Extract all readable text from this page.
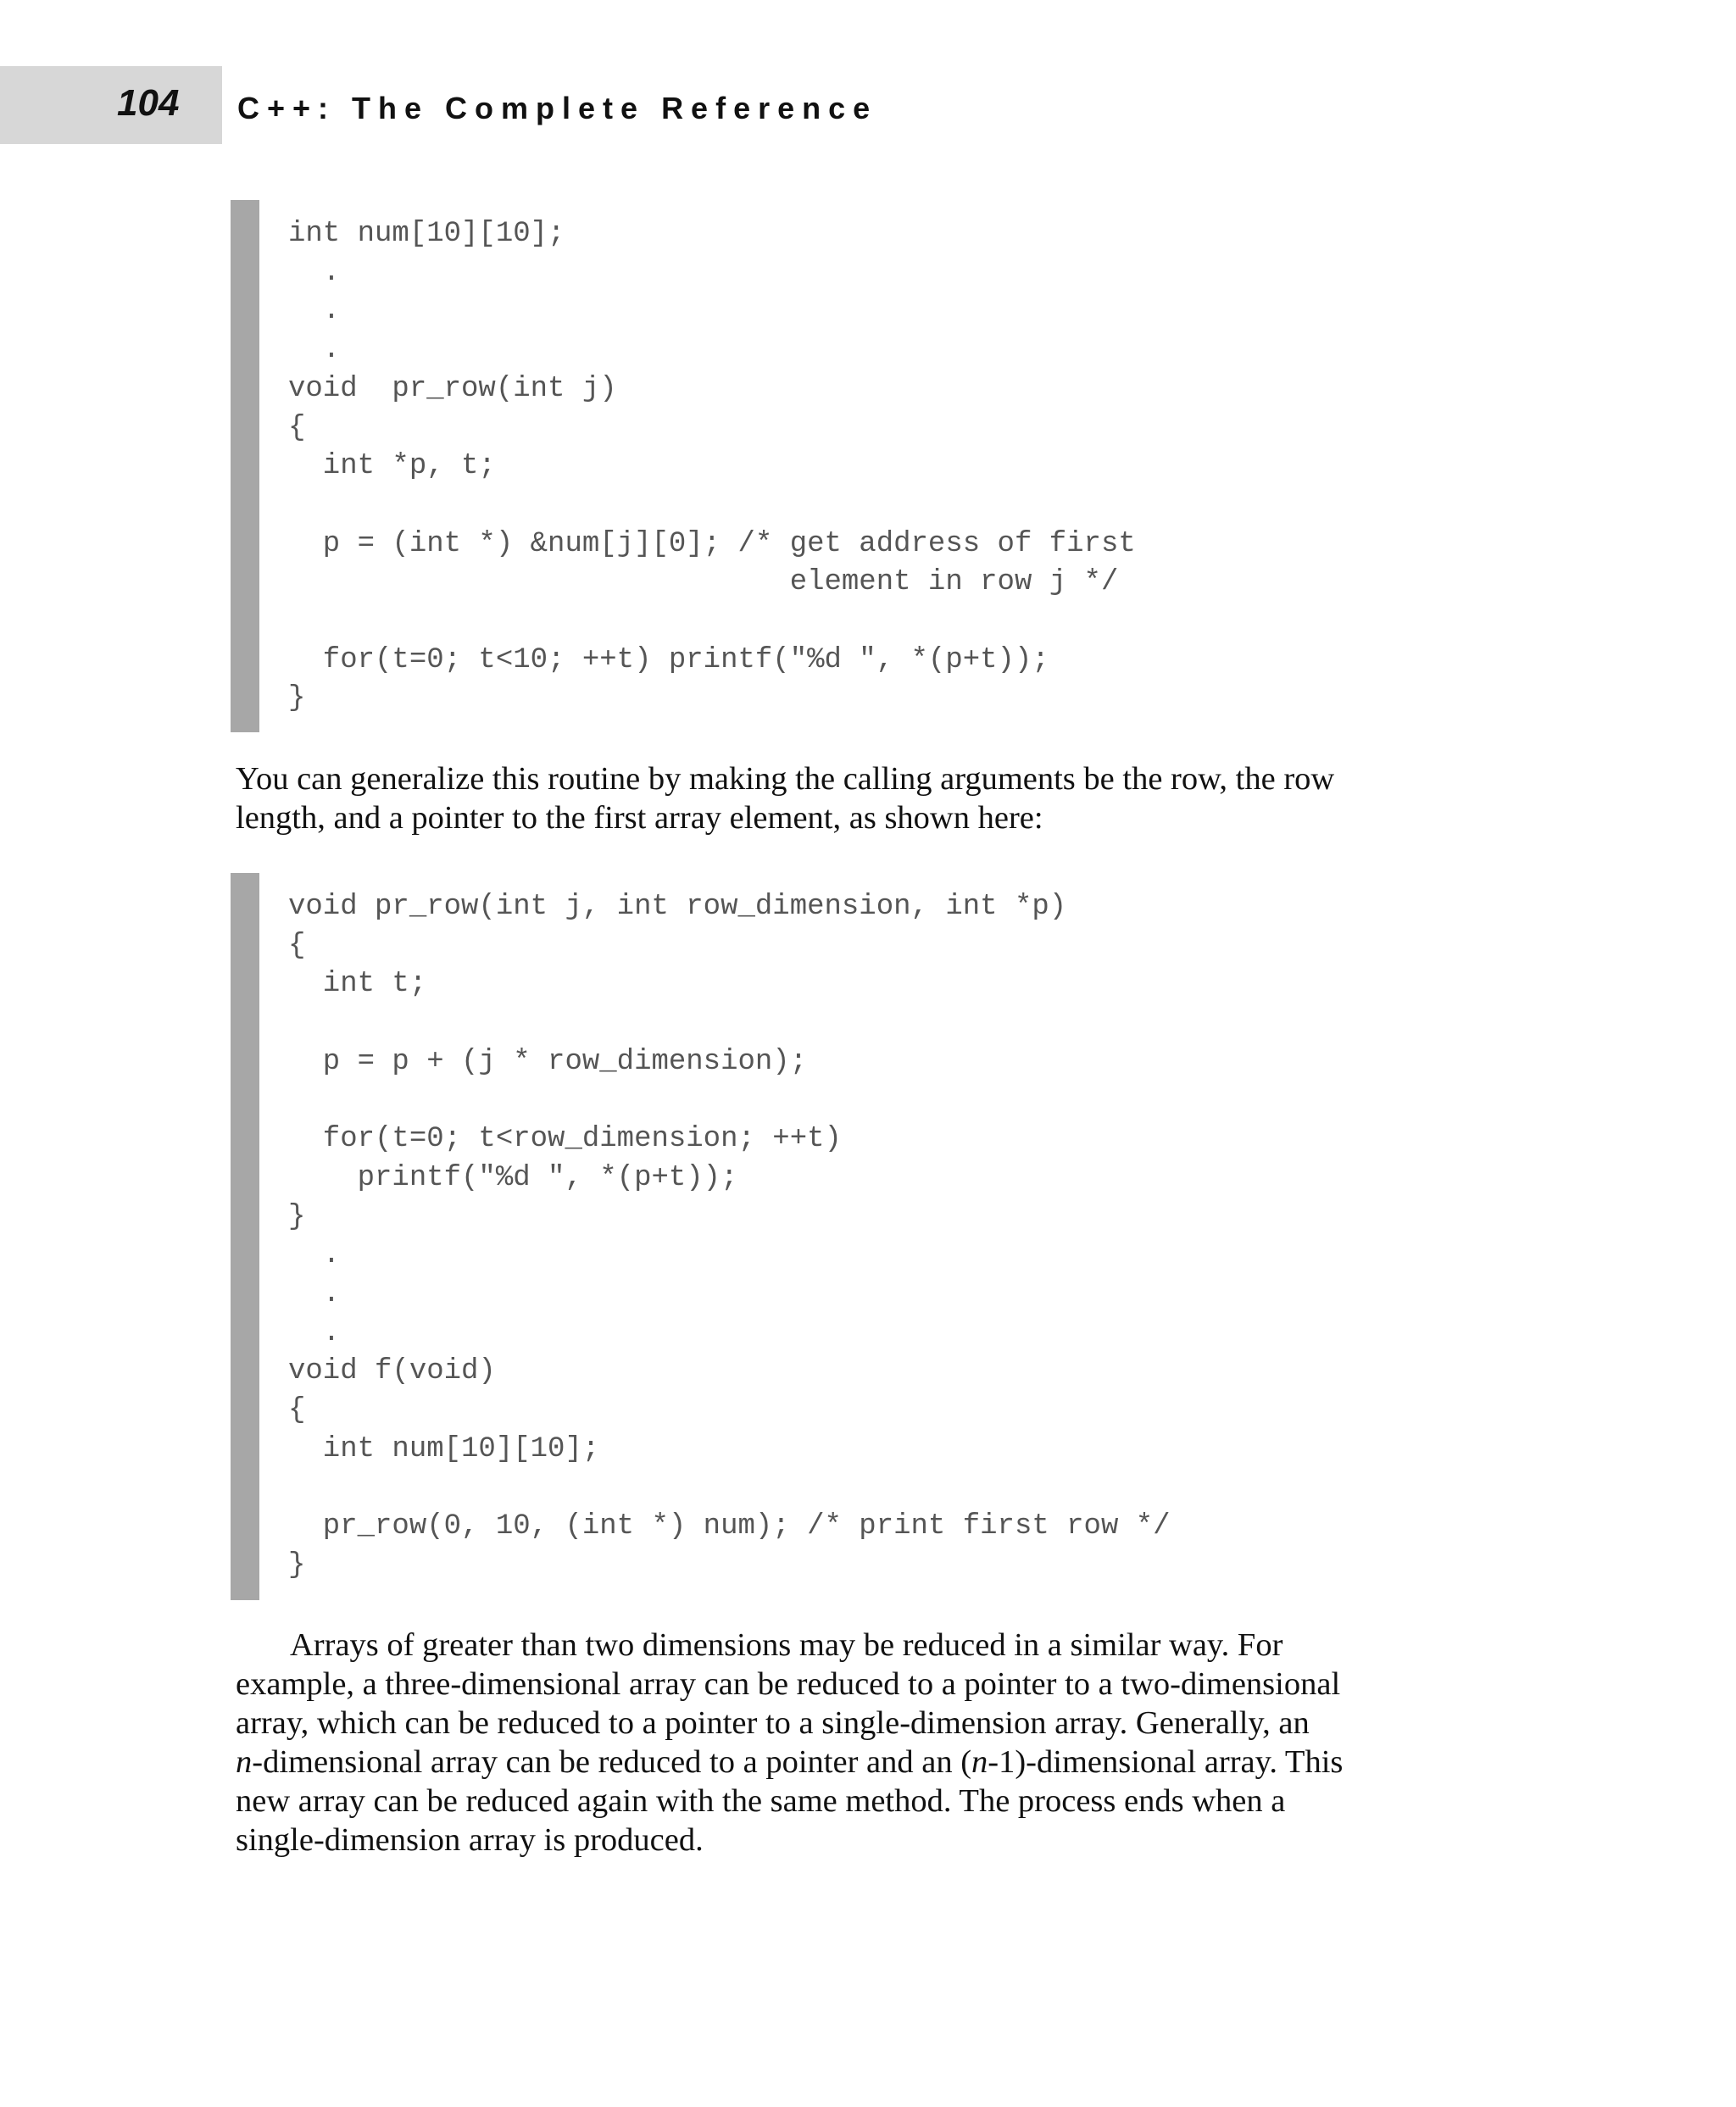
104 C++: The Complete Reference
int num[10][10];
.
.
.
void  pr_row(int j)
{
int *p, t;

p = (int *) &num[j][0]; /* get address of first
element in row j */

for(t=0; t<10; ++t) printf("%d ", *(p+t));
}

You can generalize this routine by making the calling arguments be the row, the row
length, and a pointer to the first array element, as shown here:

void pr_row(int j, int row_dimension, int *p)
{
int t;

p = p + (j * row_dimension);

for(t=0; t<row_dimension; ++t)
printf("%d ", *(p+t));
}
.
.
.
void f(void)
{
int num[10][10];

pr_row(0, 10, (int *) num); /* print first row */
}

Arrays of greater than two dimensions may be reduced in a similar way. For
example, a three-dimensional array can be reduced to a pointer to a two-dimensional
array, which can be reduced to a pointer to a single-dimension array. Generally, an
n-dimensional array can be reduced to a pointer and an (n-1)-dimensional array. This
new array can be reduced again with the same method. The process ends when a
single-dimension array is produced.
